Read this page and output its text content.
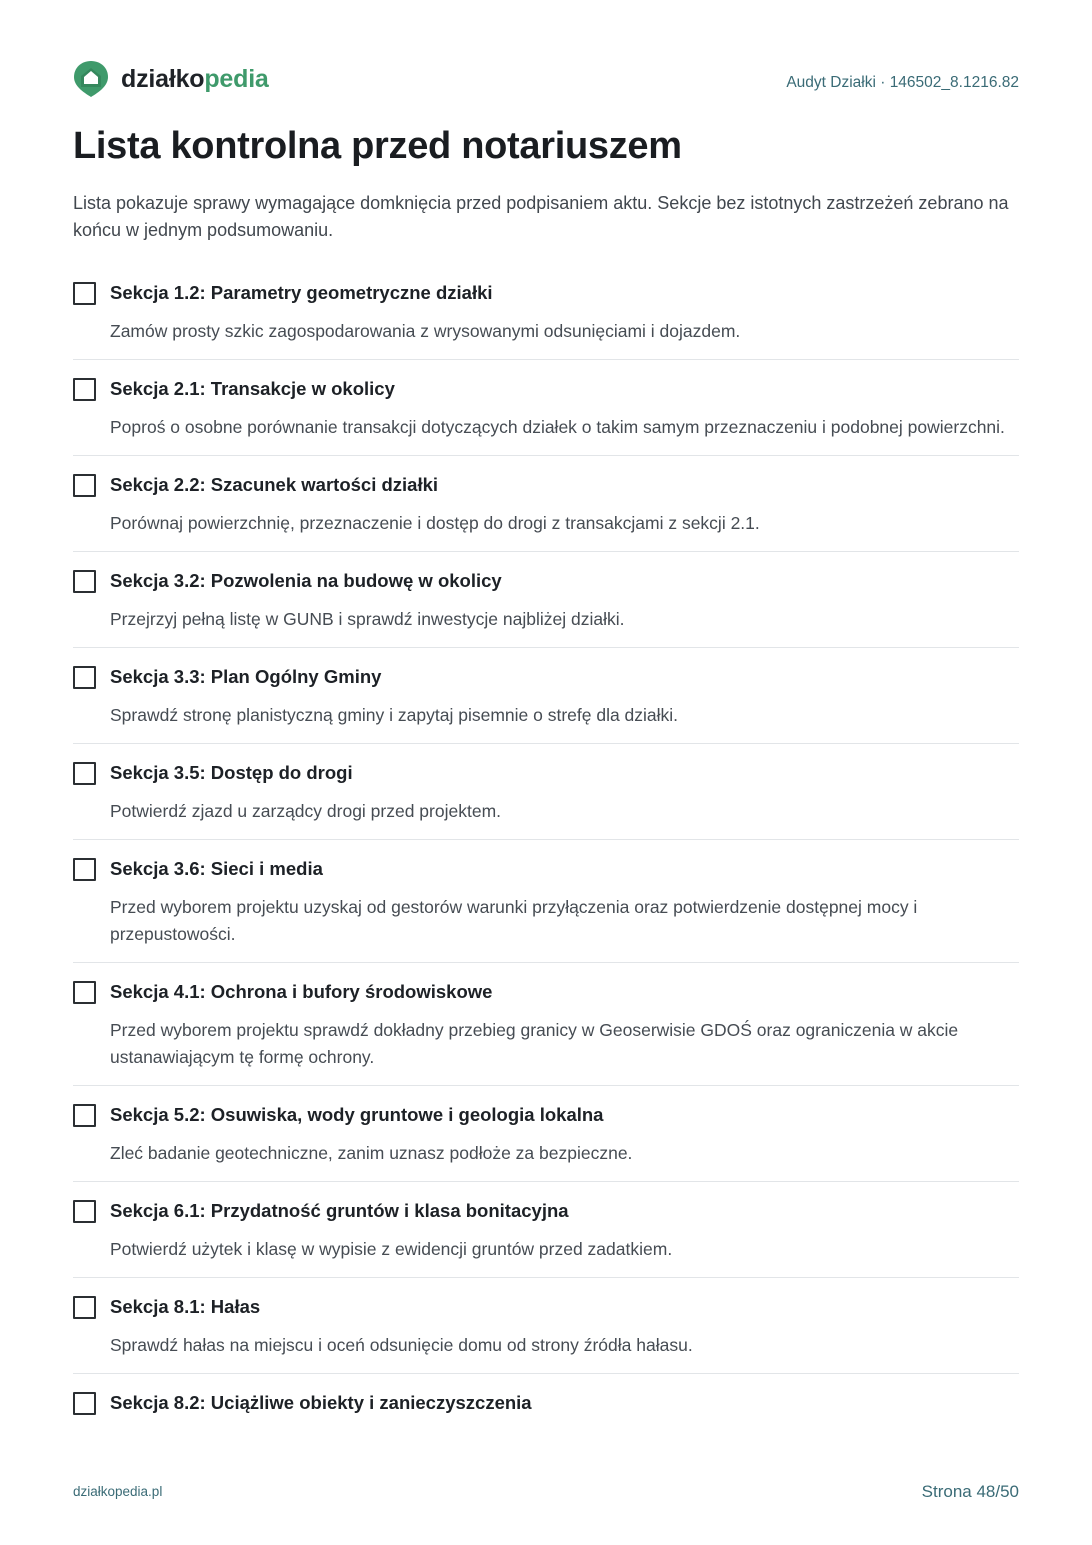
działkopedia	Audyt Działki · 146502_8.1216.82
Lista kontrolna przed notariuszem

Lista pokazuje sprawy wymagające domknięcia przed podpisaniem aktu. Sekcje bez istotnych zastrzeżeń zebrano na końcu w jednym podsumowaniu.

Sekcja 1.2: Parametry geometryczne działki
Zamów prosty szkic zagospodarowania z wrysowanymi odsunięciami i dojazdem.
Sekcja 2.1: Transakcje w okolicy
Poproś o osobne porównanie transakcji dotyczących działek o takim samym przeznaczeniu i podobnej powierzchni.
Sekcja 2.2: Szacunek wartości działki
Porównaj powierzchnię, przeznaczenie i dostęp do drogi z transakcjami z sekcji 2.1.
Sekcja 3.2: Pozwolenia na budowę w okolicy
Przejrzyj pełną listę w GUNB i sprawdź inwestycje najbliżej działki.
Sekcja 3.3: Plan Ogólny Gminy
Sprawdź stronę planistyczną gminy i zapytaj pisemnie o strefę dla działki.
Sekcja 3.5: Dostęp do drogi
Potwierdź zjazd u zarządcy drogi przed projektem.
Sekcja 3.6: Sieci i media
Przed wyborem projektu uzyskaj od gestorów warunki przyłączenia oraz potwierdzenie dostępnej mocy i przepustowości.
Sekcja 4.1: Ochrona i bufory środowiskowe
Przed wyborem projektu sprawdź dokładny przebieg granicy w Geoserwisie GDOŚ oraz ograniczenia w akcie ustanawiającym tę formę ochrony.
Sekcja 5.2: Osuwiska, wody gruntowe i geologia lokalna
Zleć badanie geotechniczne, zanim uznasz podłoże za bezpieczne.
Sekcja 6.1: Przydatność gruntów i klasa bonitacyjna
Potwierdź użytek i klasę w wypisie z ewidencji gruntów przed zadatkiem.
Sekcja 8.1: Hałas
Sprawdź hałas na miejscu i oceń odsunięcie domu od strony źródła hałasu.
Sekcja 8.2: Uciążliwe obiekty i zanieczyszczenia
działkopedia.pl	Strona 48/50
